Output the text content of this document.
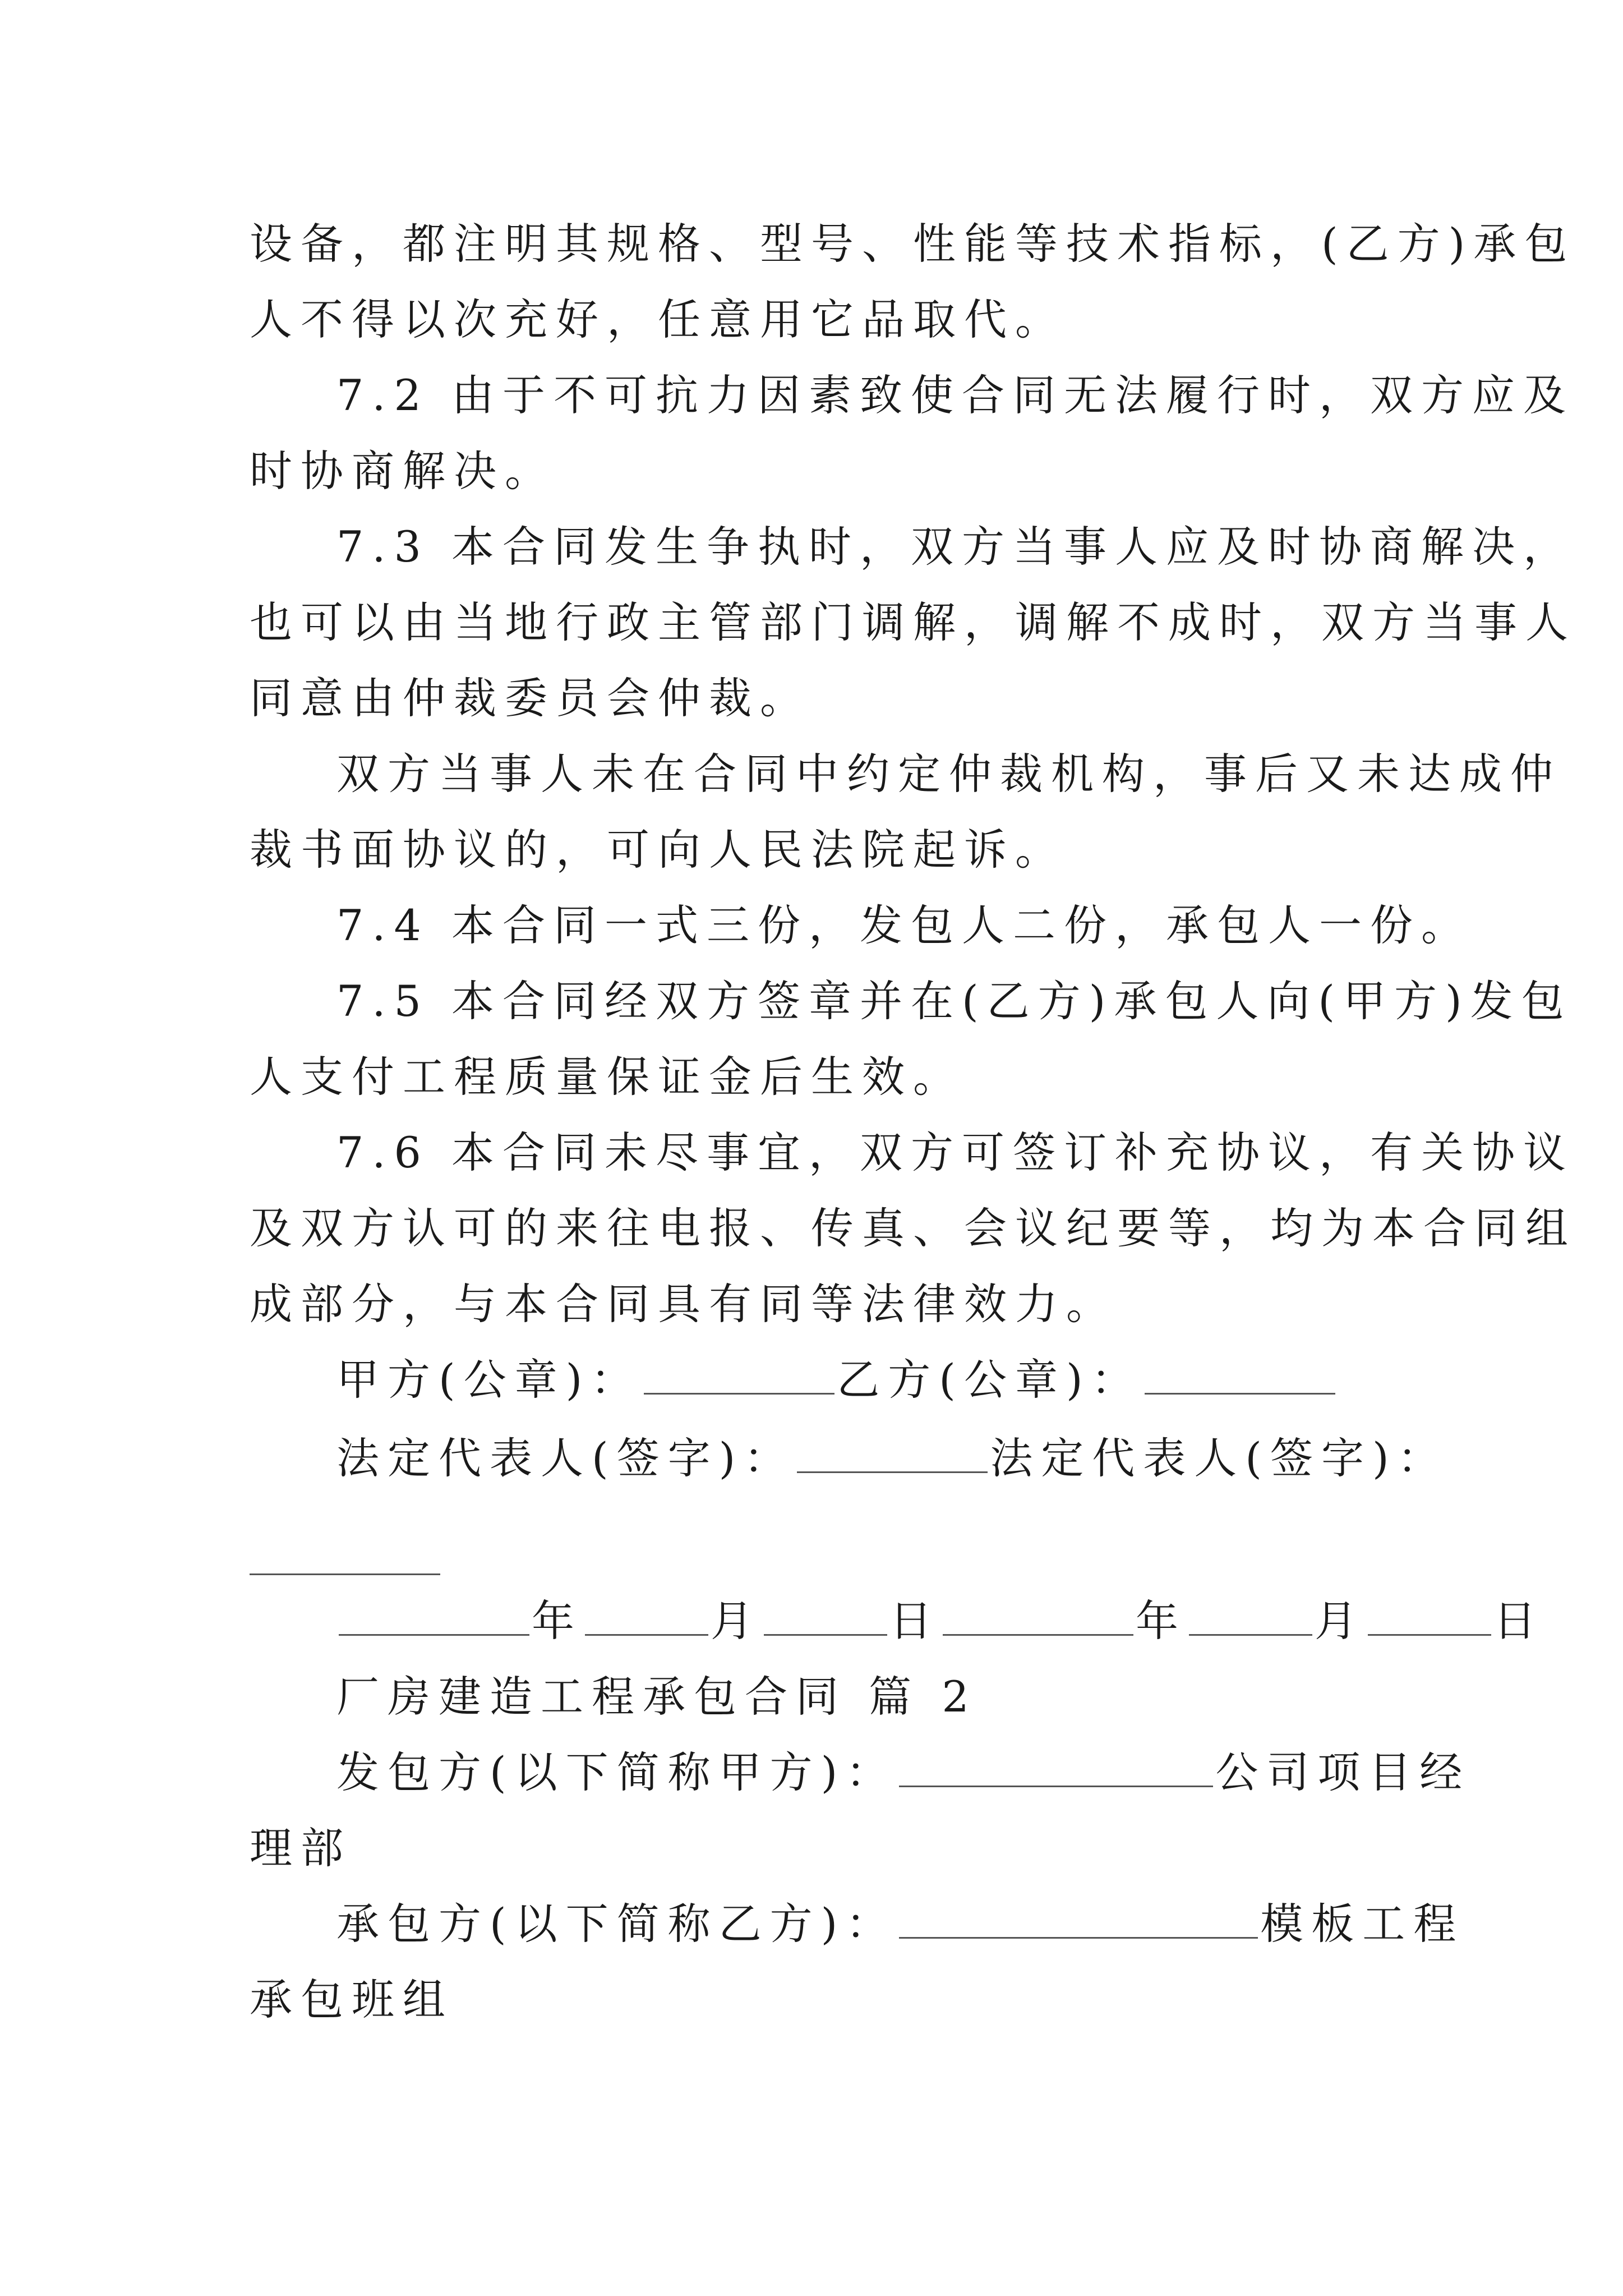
设备，都注明其规格、型号、性能等技术指标，(乙方)承包
人不得以次充好，任意用它品取代。
7.2 由于不可抗力因素致使合同无法履行时，双方应及
时协商解决。
7.3 本合同发生争执时，双方当事人应及时协商解决，
也可以由当地行政主管部门调解，调解不成时，双方当事人
同意由仲裁委员会仲裁。
双方当事人未在合同中约定仲裁机构，事后又未达成仲
裁书面协议的，可向人民法院起诉。
7.4 本合同一式三份，发包人二份，承包人一份。
7.5 本合同经双方签章并在(乙方)承包人向(甲方)发包
人支付工程质量保证金后生效。
7.6 本合同未尽事宜，双方可签订补充协议，有关协议
及双方认可的来往电报、传真、会议纪要等，均为本合同组
成部分，与本合同具有同等法律效力。
甲方(公章)：	乙方(公章)：
法定代表人(签字)：	法定代表人(签字)：
年	月	日	年	月	日
厂房建造工程承包合同 篇 2
发包方(以下简称甲方)：	公司项目经
理部
承包方(以下简称乙方)：	模板工程
承包班组
